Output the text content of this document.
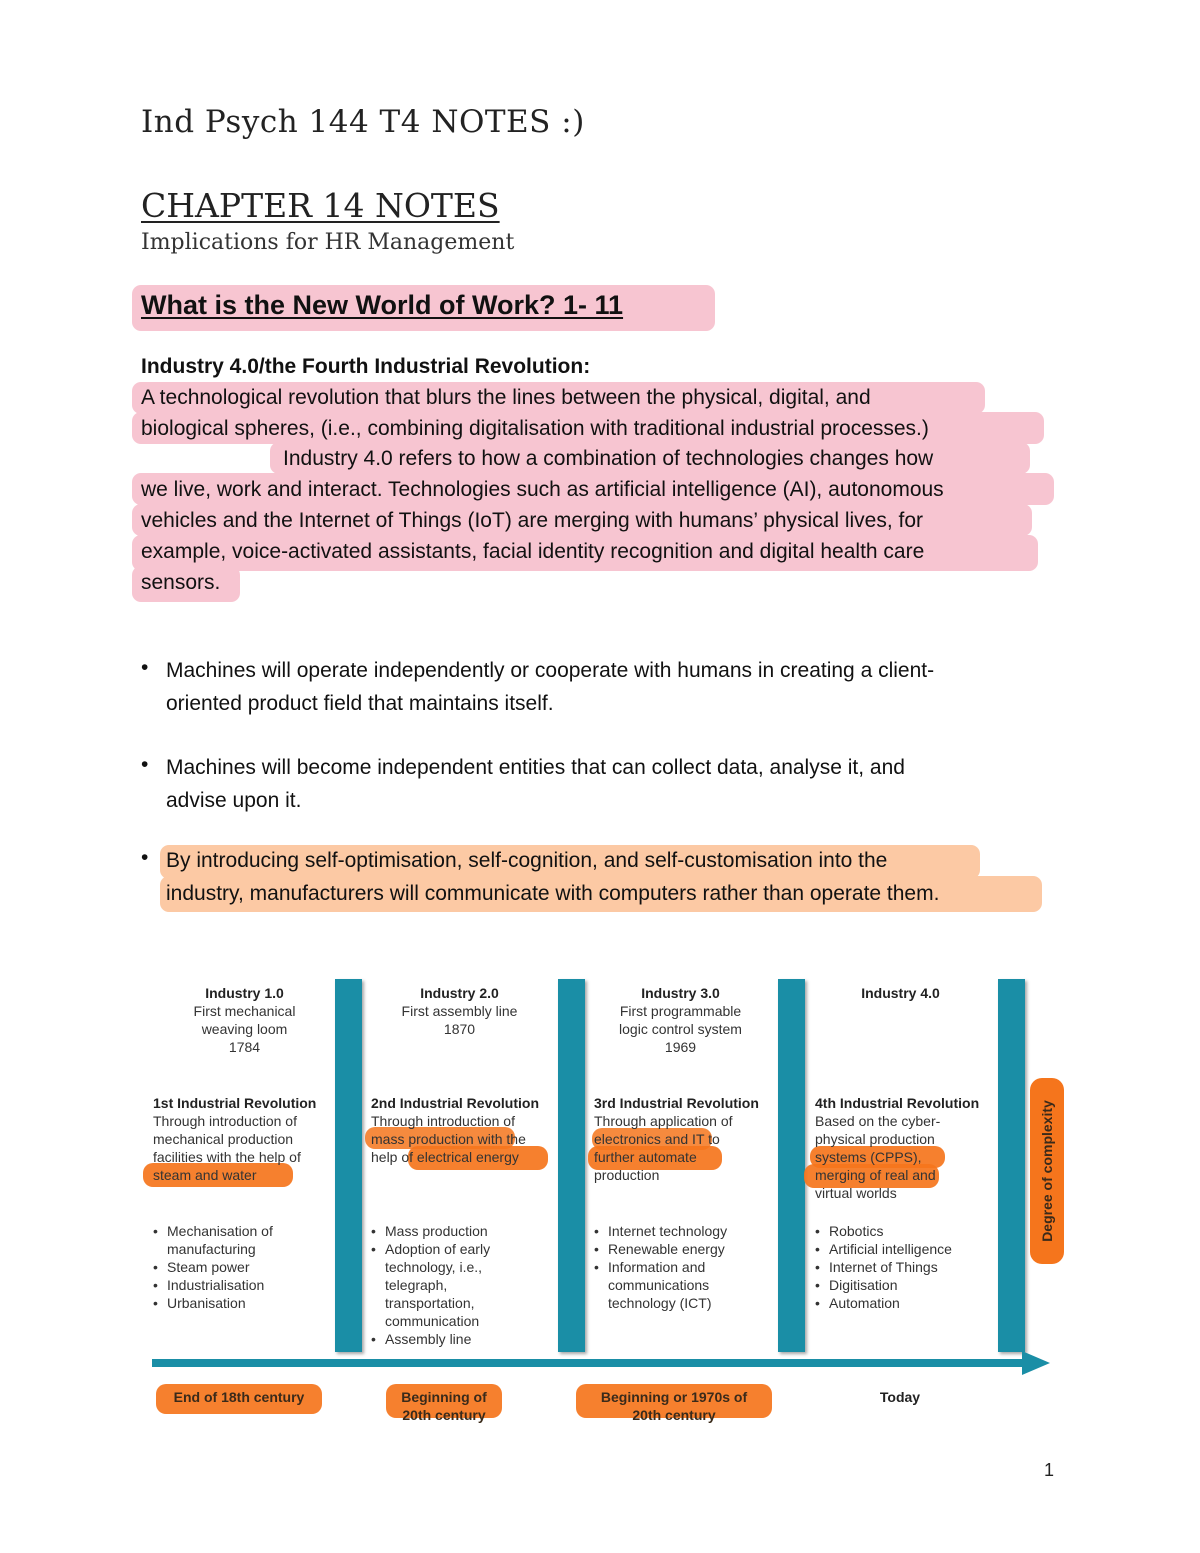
Ind Psych 144 T4 NOTES :)
CHAPTER 14 NOTES
Implications for HR Management
What is the New World of Work? 1- 11
Industry 4.0/the Fourth Industrial Revolution:
A technological revolution that blurs the lines between the physical, digital, and
biological spheres, (i.e., combining digitalisation with traditional industrial processes.)
Industry 4.0 refers to how a combination of technologies changes how
we live, work and interact. Technologies such as artificial intelligence (AI), autonomous
vehicles and the Internet of Things (IoT) are merging with humans’ physical lives, for
example, voice-activated assistants, facial identity recognition and digital health care
sensors.
• Machines will operate independently or cooperate with humans in creating a client-
oriented product field that maintains itself.
• Machines will become independent entities that can collect data, analyse it, and
advise upon it.
• By introducing self-optimisation, self-cognition, and self-customisation into the
industry, manufacturers will communicate with computers rather than operate them.
Industry 1.0
First mechanical
weaving loom
1784
1st Industrial Revolution
Through introduction of
mechanical production
facilities with the help of
steam and water
• Mechanisation of
manufacturing
• Steam power
• Industrialisation
• Urbanisation
Industry 2.0
First assembly line
1870
2nd Industrial Revolution
Through introduction of
mass production with the
help of electrical energy
• Mass production
• Adoption of early
technology, i.e.,
telegraph,
transportation,
communication
• Assembly line
Industry 3.0
First programmable
logic control system
1969
3rd Industrial Revolution
Through application of
electronics and IT to
further automate
production
• Internet technology
• Renewable energy
• Information and
communications
technology (ICT)
Industry 4.0
4th Industrial Revolution
Based on the cyber-
physical production
systems (CPPS),
merging of real and
virtual worlds
• Robotics
• Artificial intelligence
• Internet of Things
• Digitisation
• Automation
Degree of complexity
End of 18th century	Beginning of
20th century
Beginning or 1970s of
20th century
Today
1
